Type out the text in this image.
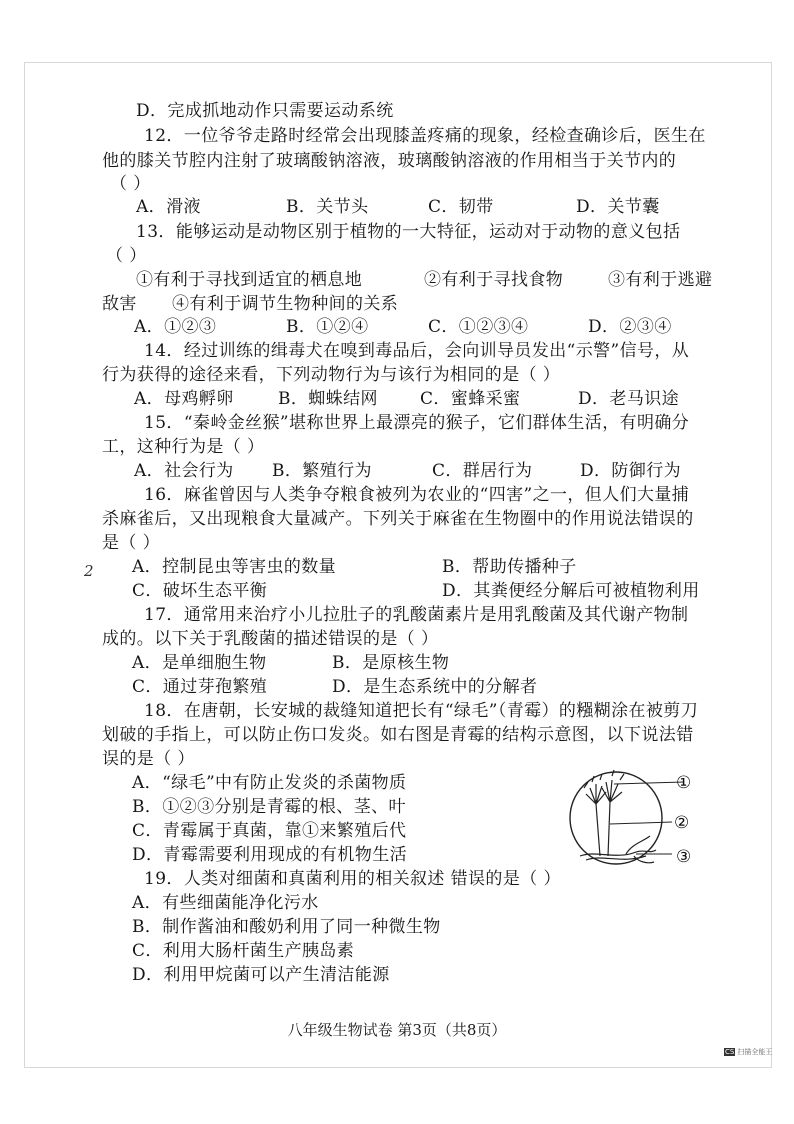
D．完成抓地动作只需要运动系统
12．一位爷爷走路时经常会出现膝盖疼痛的现象，经检查确诊后，医生在
他的膝关节腔内注射了玻璃酸钠溶液，玻璃酸钠溶液的作用相当于关节内的
（ ）
A．滑液	B．关节头	C．韧带	D．关节囊
13．能够运动是动物区别于植物的一大特征，运动对于动物的意义包括
（ ）
①有利于寻找到适宜的栖息地	②有利于寻找食物	③有利于逃避
敌害 ④有利于调节生物种间的关系
A．①②③	B．①②④	C．①②③④	D．②③④
14．经过训练的缉毒犬在嗅到毒品后，会向训导员发出“示警”信号，从
行为获得的途径来看，下列动物行为与该行为相同的是（ ）
A．母鸡孵卵	B．蜘蛛结网 C．蜜蜂采蜜	D．老马识途
15．“秦岭金丝猴”堪称世界上最漂亮的猴子，它们群体生活，有明确分
工，这种行为是（ ）
A．社会行为 B．繁殖行为	C．群居行为	D．防御行为
16．麻雀曾因与人类争夺粮食被列为农业的“四害”之一，但人们大量捕
杀麻雀后，又出现粮食大量减产。下列关于麻雀在生物圈中的作用说法错误的
是（ ）
A．控制昆虫等害虫的数量	B．帮助传播种子
C．破坏生态平衡	D．其粪便经分解后可被植物利用
17．通常用来治疗小儿拉肚子的乳酸菌素片是用乳酸菌及其代谢产物制
成的。以下关于乳酸菌的描述错误的是（ ）
A．是单细胞生物	B．是原核生物
C．通过芽孢繁殖	D．是生态系统中的分解者
18．在唐朝，长安城的裁缝知道把长有“绿毛”（青霉）的糨糊涂在被剪刀
划破的手指上，可以防止伤口发炎。如右图是青霉的结构示意图，以下说法错
误的是（ ）
A．“绿毛”中有防止发炎的杀菌物质
B．①②③分别是青霉的根、茎、叶
C．青霉属于真菌，靠①来繁殖后代
D．青霉需要利用现成的有机物生活
19．人类对细菌和真菌利用的相关叙述 错误的是（ ）
A．有些细菌能净化污水
B．制作酱油和酸奶利用了同一种微生物
C．利用大肠杆菌生产胰岛素
D．利用甲烷菌可以产生清洁能源
2
①
②
③
八年级生物试卷 第3页（共8页）
CS 扫描全能王
